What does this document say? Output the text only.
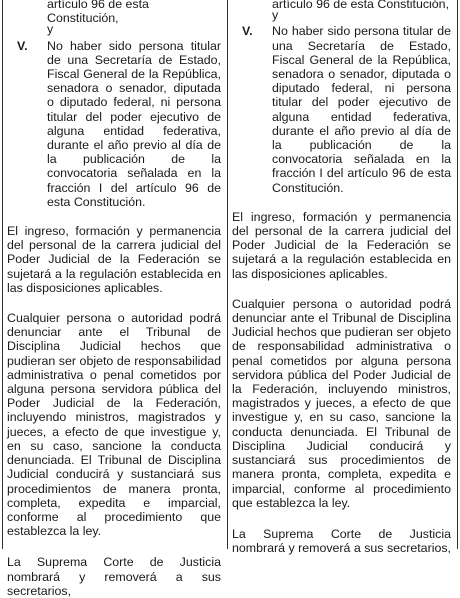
artículo 96 de esta Constitución,
y
V.	No haber sido persona titular de una Secretaría de Estado, Fiscal General de la República, senadora o senador, diputada o diputado federal, ni persona titular del poder ejecutivo de alguna entidad federativa, durante el año previo al día de la publicación de la convocatoria señalada en la fracción I del artículo 96 de esta Constitución.

El ingreso, formación y permanencia del personal de la carrera judicial del Poder Judicial de la Federación se sujetará a la regulación establecida en las disposiciones aplicables.

Cualquier persona o autoridad podrá denunciar ante el Tribunal de Disciplina Judicial hechos que pudieran ser objeto de responsabilidad administrativa o penal cometidos por alguna persona servidora pública del Poder Judicial de la Federación, incluyendo ministros, magistrados y jueces, a efecto de que investigue y, en su caso, sancione la conducta denunciada. El Tribunal de Disciplina Judicial conducirá y sustanciará sus procedimientos de manera pronta, completa, expedita e imparcial, conforme al procedimiento que establezca la ley.

La Suprema Corte de Justicia nombrará y removerá a sus secretarios,

artículo 96 de esta Constitución,
y
V.	No haber sido persona titular de una Secretaría de Estado, Fiscal General de la República, senadora o senador, diputada o diputado federal, ni persona titular del poder ejecutivo de alguna entidad federativa, durante el año previo al día de la publicación de la convocatoria señalada en la fracción I del artículo 96 de esta Constitución.

El ingreso, formación y permanencia del personal de la carrera judicial del Poder Judicial de la Federación se sujetará a la regulación establecida en las disposiciones aplicables.

Cualquier persona o autoridad podrá denunciar ante el Tribunal de Disciplina Judicial hechos que pudieran ser objeto de responsabilidad administrativa o penal cometidos por alguna persona servidora pública del Poder Judicial de la Federación, incluyendo ministros, magistrados y jueces, a efecto de que investigue y, en su caso, sancione la conducta denunciada. El Tribunal de Disciplina Judicial conducirá y sustanciará sus procedimientos de manera pronta, completa, expedita e imparcial, conforme al procedimiento que establezca la ley.

La Suprema Corte de Justicia nombrará y removerá a sus secretarios,
